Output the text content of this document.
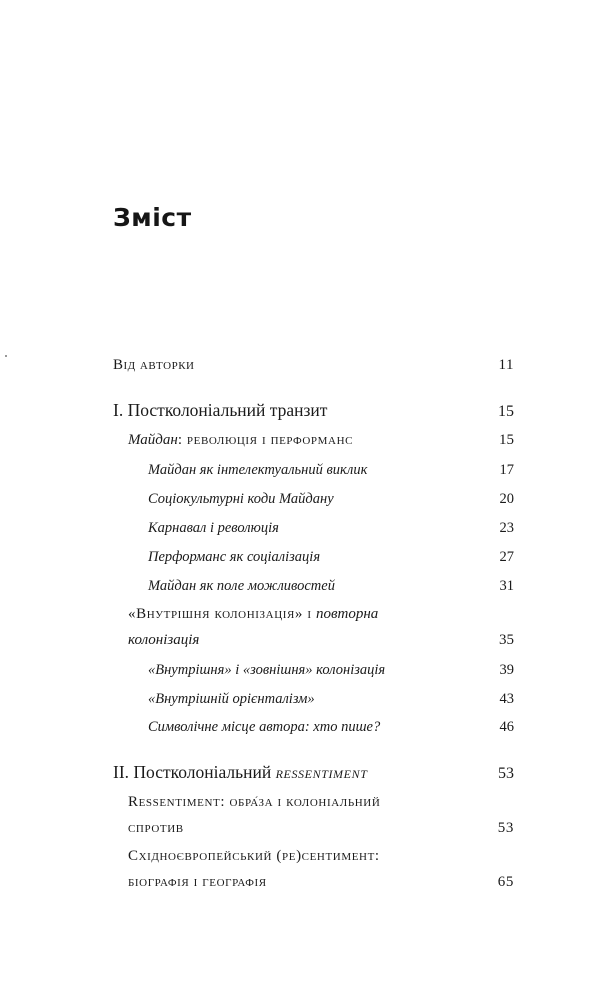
Зміст
Від авторки	11
I. Постколоніальний транзит	15
Майдан: революція і перформанс	15
Майдан як інтелектуальний виклик	17
Соціокультурні коди Майдану	20
Карнавал і революція	23
Перформанс як соціалізація	27
Майдан як поле можливостей	31
«Внутрішня колонізація» і повторна
колонізація	35
«Внутрішня» і «зовнішня» колонізація	39
«Внутрішній орієнталізм»	43
Символічне місце автора: хто пише?	46
II. Постколоніальний ressentiment	53
Ressentiment: обра́за і колоніальний
спротив	53
Східноєвропейський (ре)сентимент:
біографія і географія	65
